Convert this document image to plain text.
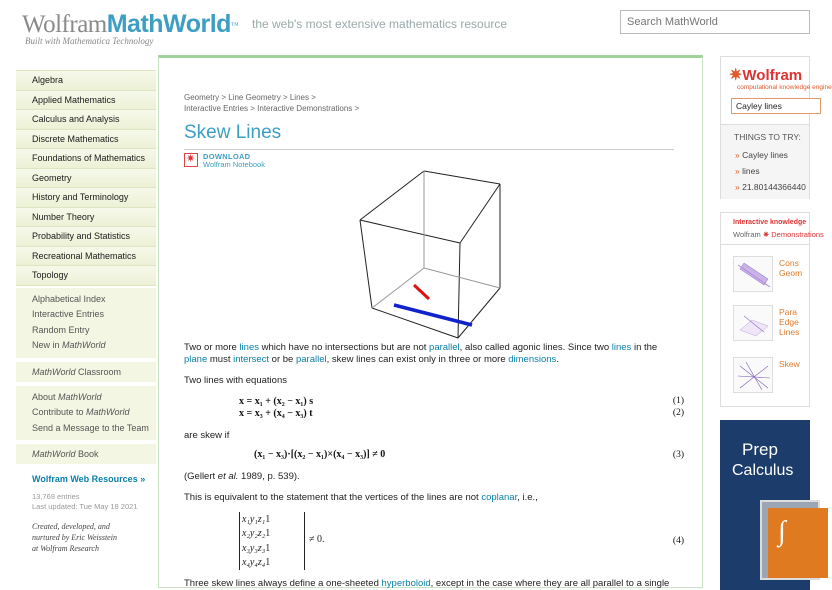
WolframMathWorld™
Built with Mathematica Technology
the web's most extensive mathematics resource
Search MathWorld
Algebra
Applied Mathematics
Calculus and Analysis
Discrete Mathematics
Foundations of Mathematics
Geometry
History and Terminology
Number Theory
Probability and Statistics
Recreational Mathematics
Topology
Alphabetical Index
Interactive Entries
Random Entry
New in MathWorld
MathWorld Classroom
About MathWorld
Contribute to MathWorld
Send a Message to the Team
MathWorld Book
Wolfram Web Resources »
13,769 entries
Last updated: Tue May 18 2021
Created, developed, and
nurtured by Eric Weisstein
at Wolfram Research
Geometry > Line Geometry > Lines >
Interactive Entries > Interactive Demonstrations >
Skew Lines
✷
DOWNLOAD
Wolfram Notebook
Two or more lines which have no intersections but are not parallel, also called agonic lines. Since two lines in the
plane must intersect or be parallel, skew lines can exist only in three or more dimensions.
Two lines with equations
x = x₁ + (x₂ − x₁) s	(1)
x = x₃ + (x₄ − x₃) t	(2)
are skew if
(x₁ − x₃)·[(x₂ − x₁)×(x₄ − x₃)] ≠ 0	(3)
(Gellert et al. 1989, p. 539).
This is equivalent to the statement that the vertices of the lines are not coplanar, i.e.,
x₁	y₁	z₁	1
x₂	y₂	z₂	1
x₃	y₃	z₃	1
x₄	y₄	z₄	1
≠ 0.	(4)
Three skew lines always define a one-sheeted hyperboloid, except in the case where they are all parallel to a single
✷Wolfram
computational knowledge engine
Cayley lines
THINGS TO TRY:
» Cayley lines
» lines
» 21.80144366440
Interactive knowledge
Wolfram ✷ Demonstrations
Cons
Geom
Para
Edge
Lines
Skew
Prep
Calculus
∫
